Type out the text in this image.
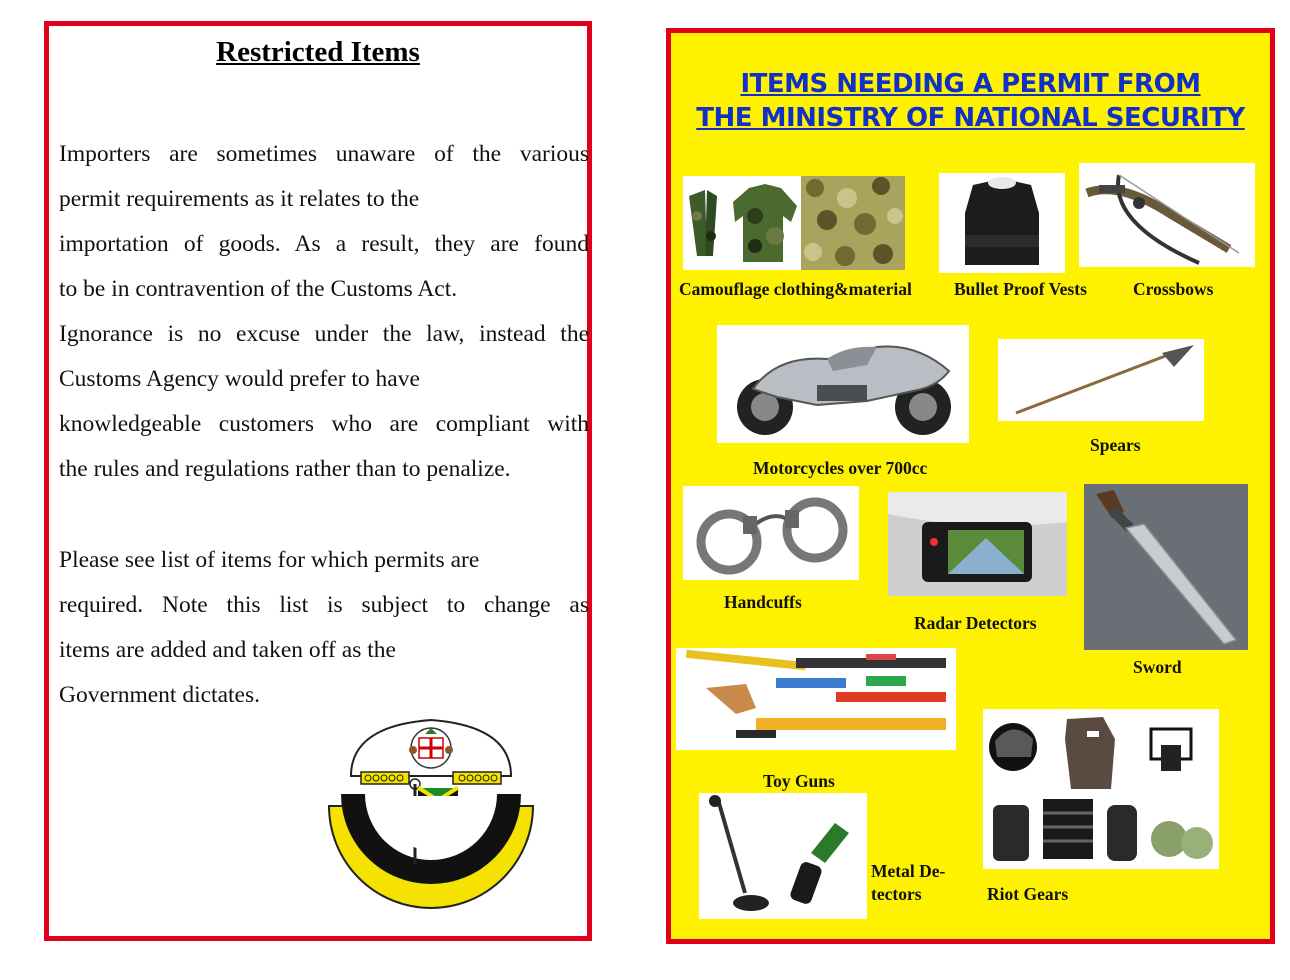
Restricted Items
Importers are sometimes unaware of the various
permit requirements as it relates to the
importation of goods. As a result, they are found
to be in contravention of the Customs Act.
Ignorance is no excuse under the law, instead the
Customs Agency would prefer to have
knowledgeable customers who are compliant with
the rules and regulations rather than to penalize.
Please see list of items for which permits are
required. Note this list is subject to change as
items are added and taken off as the
Government dictates.
ITEMS NEEDING A PERMIT FROM
THE MINISTRY OF NATIONAL SECURITY
Camouflage clothing&material Bullet Proof Vests	Crossbows
Motorcycles over 700cc
Spears
Handcuffs
Radar Detectors
Sword
Toy Guns
Metal De-
tectors	Riot Gears
